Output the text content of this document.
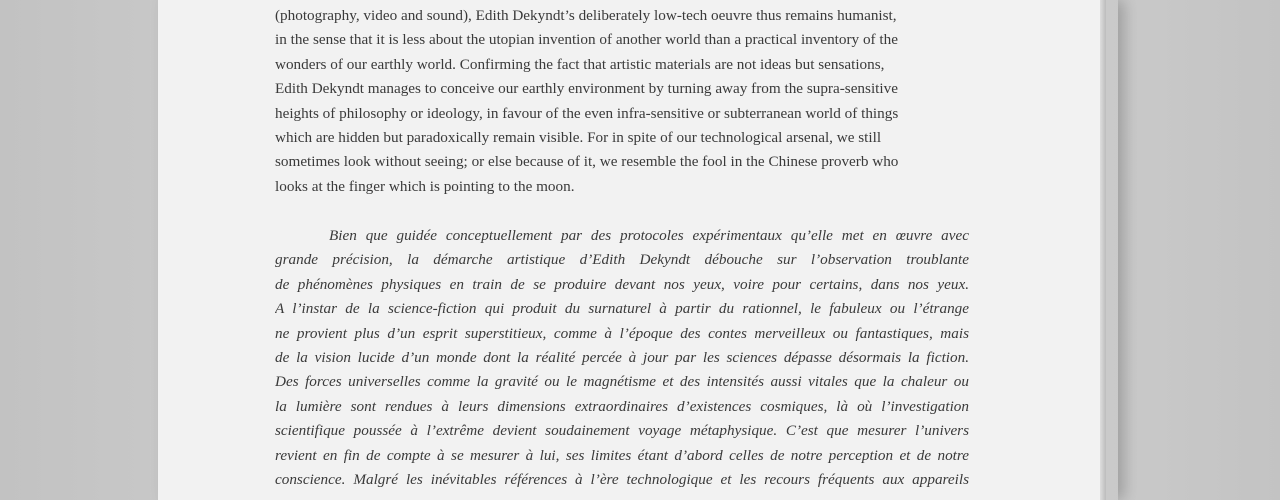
(photography, video and sound), Edith Dekyndt’s deliberately low-tech oeuvre thus remains humanist,
in the sense that it is less about the utopian invention of another world than a practical inventory of the
wonders of our earthly world. Confirming the fact that artistic materials are not ideas but sensations,
Edith Dekyndt manages to conceive our earthly environment by turning away from the supra-sensitive
heights of philosophy or ideology, in favour of the even infra-sensitive or subterranean world of things
which are hidden but paradoxically remain visible. For in spite of our technological arsenal, we still
sometimes look without seeing; or else because of it, we resemble the fool in the Chinese proverb who
looks at the finger which is pointing to the moon.
Bien que guidée conceptuellement par des protocoles expérimentaux qu’elle met en œuvre avec
grande précision, la démarche artistique d’Edith Dekyndt débouche sur l’observation troublante
de phénomènes physiques en train de se produire devant nos yeux, voire pour certains, dans nos yeux.
A l’instar de la science-fiction qui produit du surnaturel à partir du rationnel, le fabuleux ou l’étrange
ne provient plus d’un esprit superstitieux, comme à l’époque des contes merveilleux ou fantastiques, mais
de la vision lucide d’un monde dont la réalité percée à jour par les sciences dépasse désormais la fiction.
Des forces universelles comme la gravité ou le magnétisme et des intensités aussi vitales que la chaleur ou
la lumière sont rendues à leurs dimensions extraordinaires d’existences cosmiques, là où l’investigation
scientifique poussée à l’extrême devient soudainement voyage métaphysique. C’est que mesurer l’univers
revient en fin de compte à se mesurer à lui, ses limites étant d’abord celles de notre perception et de notre
conscience. Malgré les inévitables références à l’ère technologique et les recours fréquents aux appareils
